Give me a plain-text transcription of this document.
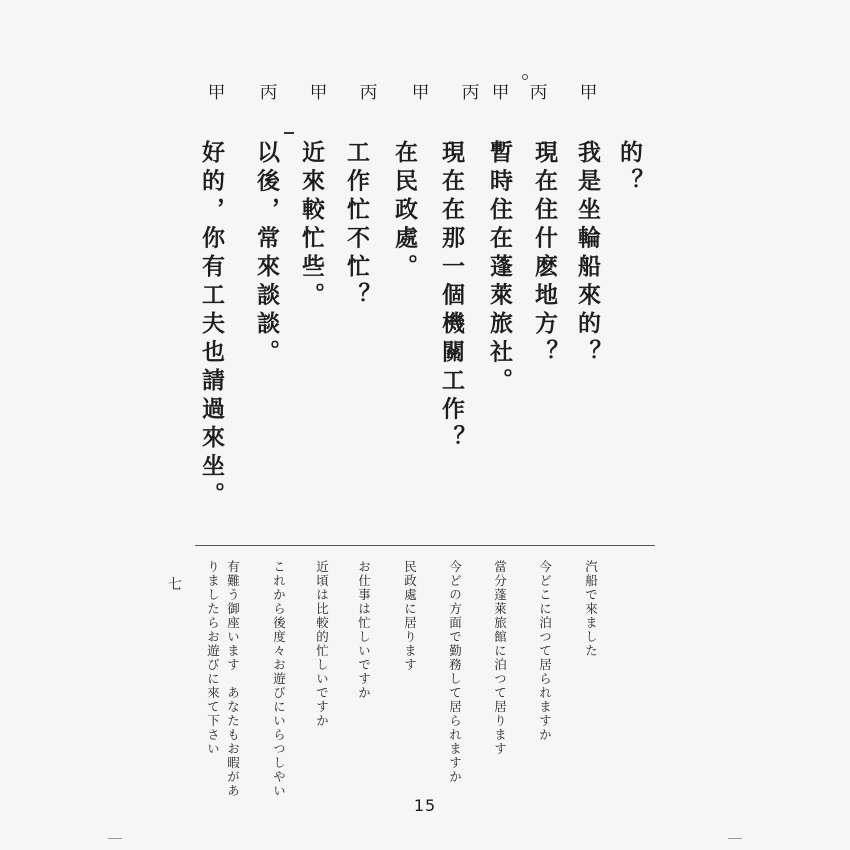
甲 丙 甲 丙 甲 丙 甲 丙 甲
好的，你有工夫也請過來坐。 以後，常來談談。 近來較忙些。 工作忙不忙？ 在民政處。 現在在那一個機關工作？ 暫時住在蓬萊旅社。 現在住什麽地方？ 我是坐輪船來的？ 的？
七	有難う御座います　あなたもお暇があ
りましたらお遊びに來て下さい	これから後度々お遊びにいらつしやい 近頃は比較的忙しいですか お仕事は忙しいですか 民政處に居ります 今どの方面で勤務して居られますか 當分蓬萊旅館に泊つて居ります 今どこに泊つて居られますか 汽船で來ました
15
